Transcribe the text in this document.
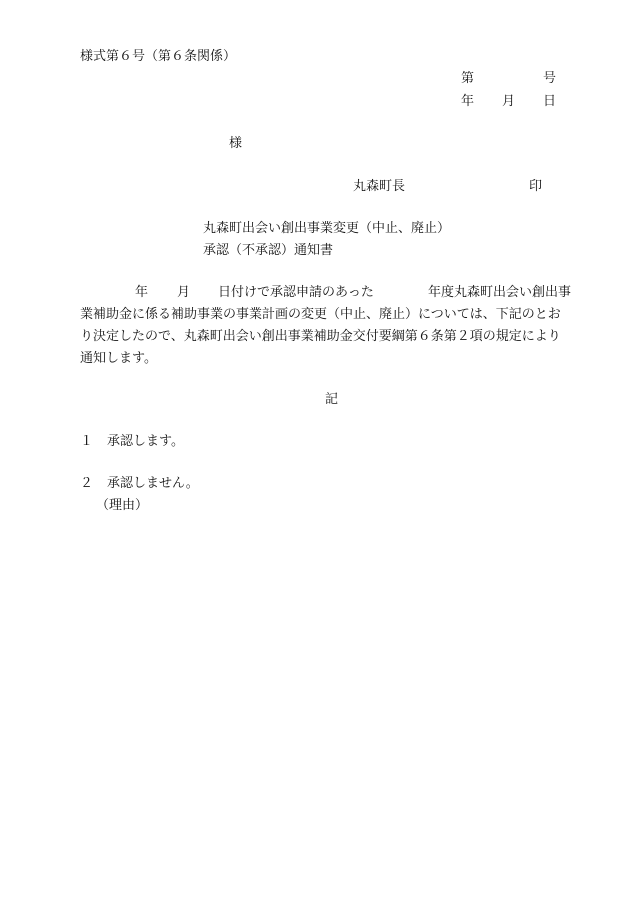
様式第６号（第６条関係）
第	号
年 月 日
様
丸森町長	印
丸森町出会い創出事業変更（中止、廃止）
承認（不承認）通知書
年 月 日付けで承認申請のあった	年度丸森町出会い創出事
業補助金に係る補助事業の事業計画の変更（中止、廃止）については、下記のとお
り決定したので、丸森町出会い創出事業補助金交付要綱第６条第２項の規定により
通知します。
記
１ 承認します。
２ 承認しません。
（理由）
